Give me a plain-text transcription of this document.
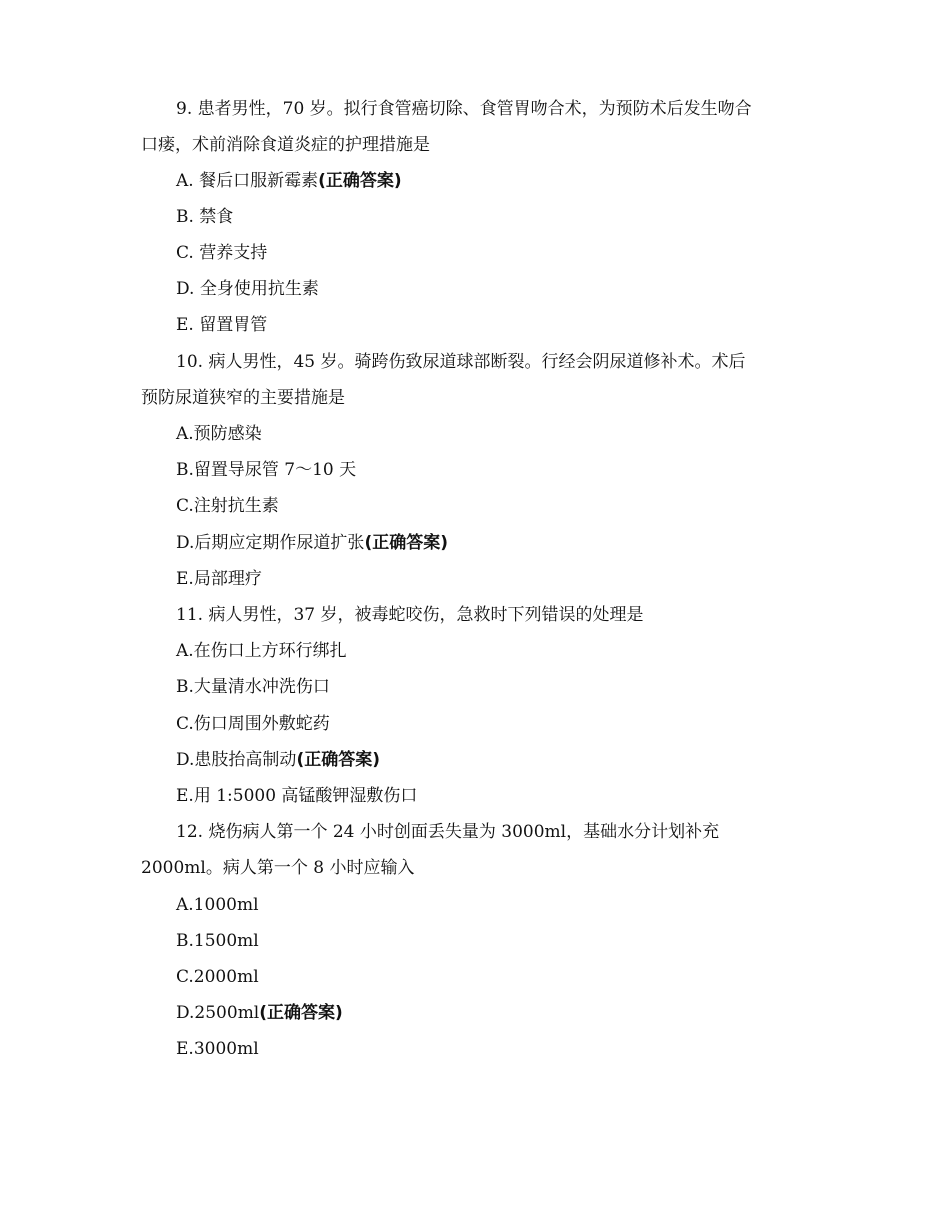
9. 患者男性，70 岁。拟行食管癌切除、食管胃吻合术，为预防术后发生吻合
口瘘，术前消除食道炎症的护理措施是
A. 餐后口服新霉素(正确答案)
B. 禁食
C. 营养支持
D. 全身使用抗生素
E. 留置胃管
10. 病人男性，45 岁。骑跨伤致尿道球部断裂。行经会阴尿道修补术。术后
预防尿道狭窄的主要措施是
A.预防感染
B.留置导尿管 7～10 天
C.注射抗生素
D.后期应定期作尿道扩张(正确答案)
E.局部理疗
11. 病人男性，37 岁，被毒蛇咬伤，急救时下列错误的处理是
A.在伤口上方环行绑扎
B.大量清水冲洗伤口
C.伤口周围外敷蛇药
D.患肢抬高制动(正确答案)
E.用 1:5000 高锰酸钾湿敷伤口
12. 烧伤病人第一个 24 小时创面丢失量为 3000ml，基础水分计划补充
2000ml。病人第一个 8 小时应输入
A.1000ml
B.1500ml
C.2000ml
D.2500ml(正确答案)
E.3000ml
